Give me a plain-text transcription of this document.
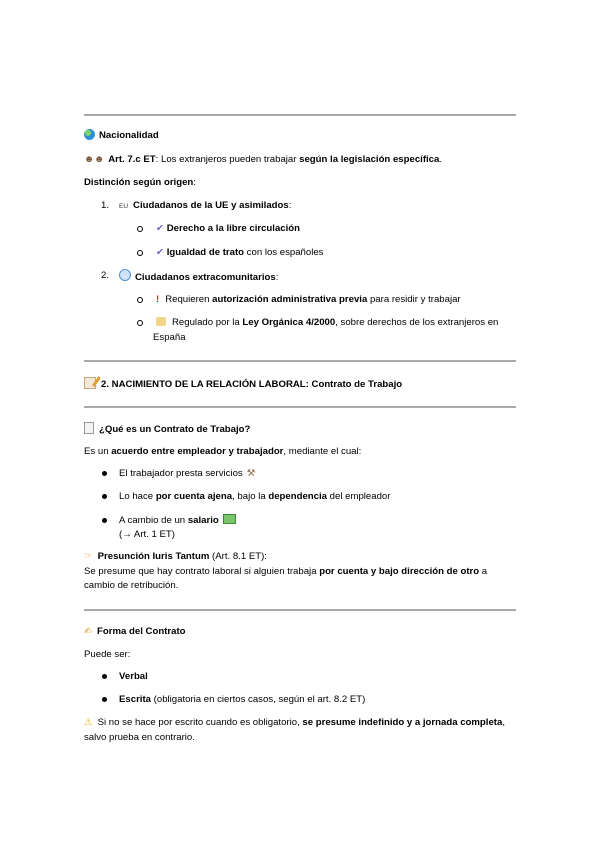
Nacionalidad
☻☻ Art. 7.c ET: Los extranjeros pueden trabajar según la legislación específica.
Distinción según origen:
1.	EU Ciudadanos de la UE y asimilados:
✔ Derecho a la libre circulación
✔ Igualdad de trato con los españoles
2.	Ciudadanos extracomunitarios:
! Requieren autorización administrativa previa para residir y trabajar
Regulado por la Ley Orgánica 4/2000, sobre derechos de los extranjeros en
España
2. NACIMIENTO DE LA RELACIÓN LABORAL: Contrato de Trabajo
¿Qué es un Contrato de Trabajo?
Es un acuerdo entre empleador y trabajador, mediante el cual:
El trabajador presta servicios ⚒
Lo hace por cuenta ajena, bajo la dependencia del empleador
A cambio de un salario
(→ Art. 1 ET)
☞ Presunción Iuris Tantum (Art. 8.1 ET):
Se presume que hay contrato laboral si alguien trabaja por cuenta y bajo dirección de otro a
cambio de retribución.
✍ Forma del Contrato
Puede ser:
Verbal
Escrita (obligatoria en ciertos casos, según el art. 8.2 ET)
⚠ Si no se hace por escrito cuando es obligatorio, se presume indefinido y a jornada completa,
salvo prueba en contrario.
